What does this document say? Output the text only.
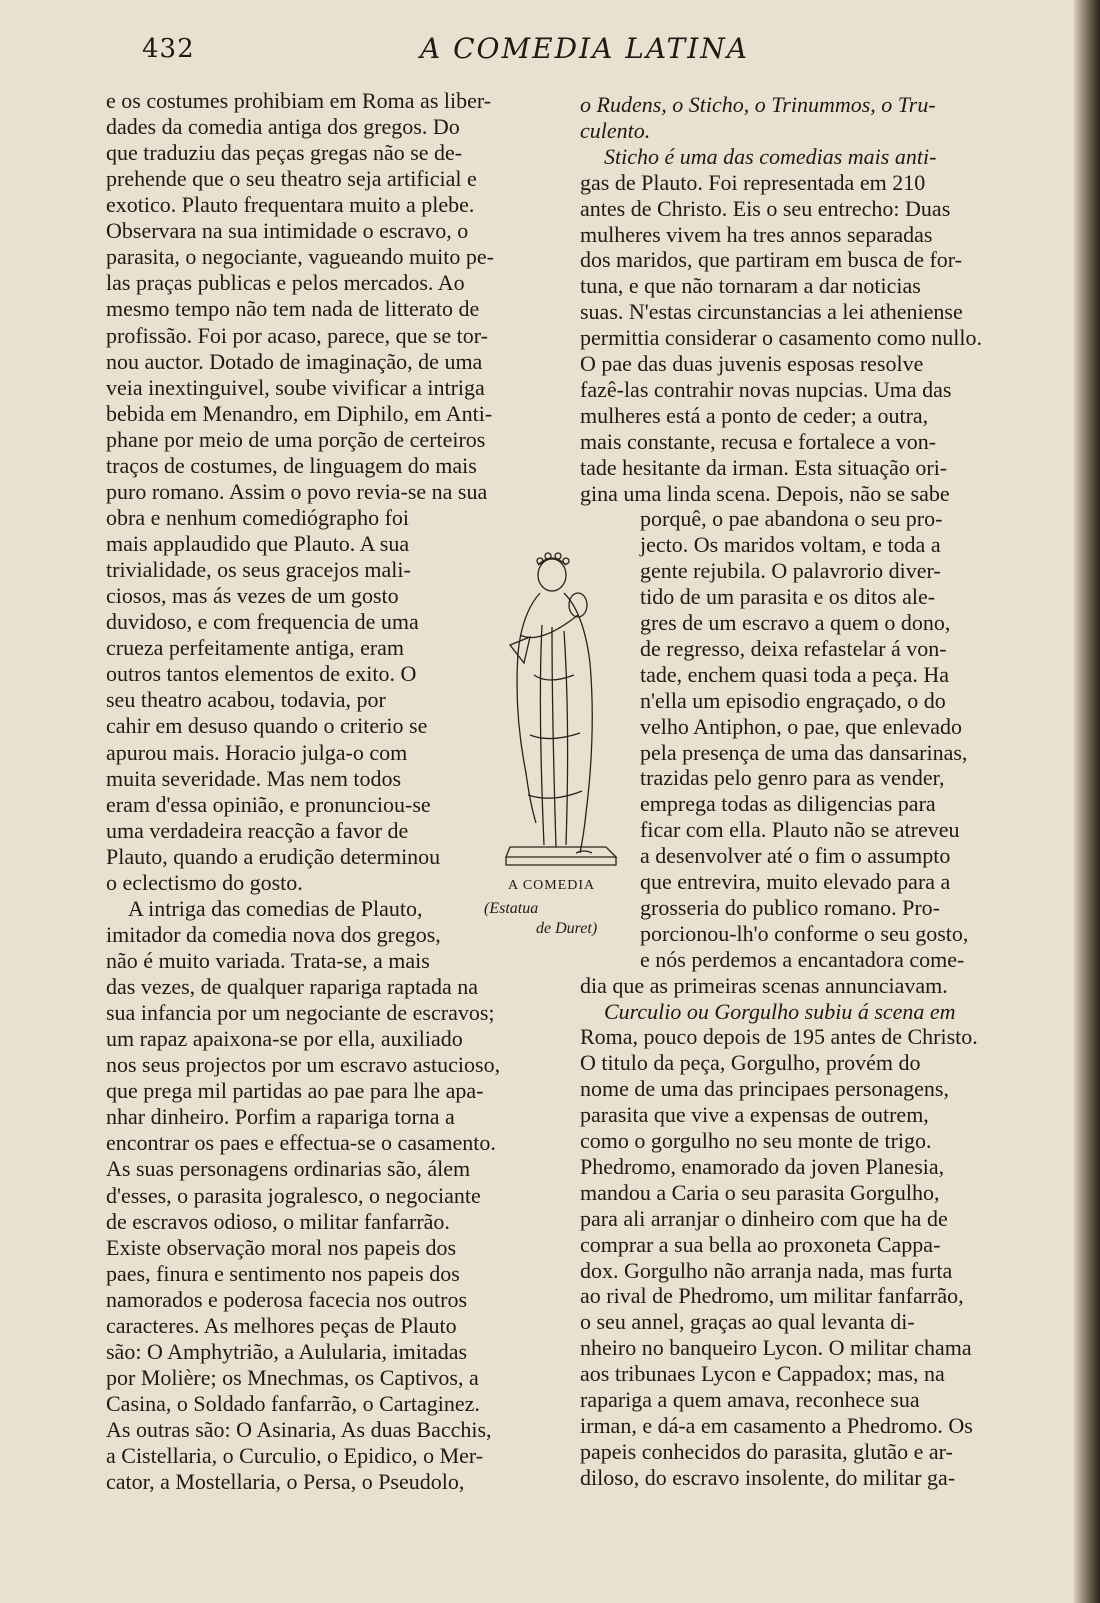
432	A COMEDIA LATINA
e os costumes prohibiam em Roma as liber-
dades da comedia antiga dos gregos. Do
que traduziu das peças gregas não se de-
prehende que o seu theatro seja artificial e
exotico. Plauto frequentara muito a plebe.
Observara na sua intimidade o escravo, o
parasita, o negociante, vagueando muito pe-
las praças publicas e pelos mercados. Ao
mesmo tempo não tem nada de litterato de
profissão. Foi por acaso, parece, que se tor-
nou auctor. Dotado de imaginação, de uma
veia inextinguivel, soube vivificar a intriga
bebida em Menandro, em Diphilo, em Anti-
phane por meio de uma porção de certeiros
traços de costumes, de linguagem do mais
puro romano. Assim o povo revia-se na sua
obra e nenhum comediógrapho foi
mais applaudido que Plauto. A sua
trivialidade, os seus gracejos mali-
ciosos, mas ás vezes de um gosto
duvidoso, e com frequencia de uma
crueza perfeitamente antiga, eram
outros tantos elementos de exito. O
seu theatro acabou, todavia, por
cahir em desuso quando o criterio se
apurou mais. Horacio julga-o com
muita severidade. Mas nem todos
eram d'essa opinião, e pronunciou-se
uma verdadeira reacção a favor de
Plauto, quando a erudição determinou
o eclectismo do gosto.
A intriga das comedias de Plauto,
imitador da comedia nova dos gregos,
não é muito variada. Trata-se, a mais
das vezes, de qualquer rapariga raptada na
sua infancia por um negociante de escravos;
um rapaz apaixona-se por ella, auxiliado
nos seus projectos por um escravo astucioso,
que prega mil partidas ao pae para lhe apa-
nhar dinheiro. Porfim a rapariga torna a
encontrar os paes e effectua-se o casamento.
As suas personagens ordinarias são, álem
d'esses, o parasita jogralesco, o negociante
de escravos odioso, o militar fanfarrão.
Existe observação moral nos papeis dos
paes, finura e sentimento nos papeis dos
namorados e poderosa facecia nos outros
caracteres. As melhores peças de Plauto
são: O Amphytrião, a Aulularia, imitadas
por Molière; os Mnechmas, os Captivos, a
Casina, o Soldado fanfarrão, o Cartaginez.
As outras são: O Asinaria, As duas Bacchis,
a Cistellaria, o Curculio, o Epidico, o Mer-
cator, a Mostellaria, o Persa, o Pseudolo,
o Rudens, o Sticho, o Trinummos, o Tru-
culento.
Sticho é uma das comedias mais anti-
gas de Plauto. Foi representada em 210
antes de Christo. Eis o seu entrecho: Duas
mulheres vivem ha tres annos separadas
dos maridos, que partiram em busca de for-
tuna, e que não tornaram a dar noticias
suas. N'estas circunstancias a lei atheniense
permittia considerar o casamento como nullo.
O pae das duas juvenis esposas resolve
fazê-las contrahir novas nupcias. Uma das
mulheres está a ponto de ceder; a outra,
mais constante, recusa e fortalece a von-
tade hesitante da irman. Esta situação ori-
gina uma linda scena. Depois, não se sabe
porquê, o pae abandona o seu pro-
jecto. Os maridos voltam, e toda a
gente rejubila. O palavrorio diver-
tido de um parasita e os ditos ale-
gres de um escravo a quem o dono,
de regresso, deixa refastelar á von-
tade, enchem quasi toda a peça. Ha
n'ella um episodio engraçado, o do
velho Antiphon, o pae, que enlevado
pela presença de uma das dansarinas,
trazidas pelo genro para as vender,
emprega todas as diligencias para
ficar com ella. Plauto não se atreveu
a desenvolver até o fim o assumpto
que entrevira, muito elevado para a
grosseria do publico romano. Pro-
porcionou-lh'o conforme o seu gosto,
e nós perdemos a encantadora come-
dia que as primeiras scenas annunciavam.
Curculio ou Gorgulho subiu á scena em
Roma, pouco depois de 195 antes de Christo.
O titulo da peça, Gorgulho, provém do
nome de uma das principaes personagens,
parasita que vive a expensas de outrem,
como o gorgulho no seu monte de trigo.
Phedromo, enamorado da joven Planesia,
mandou a Caria o seu parasita Gorgulho,
para ali arranjar o dinheiro com que ha de
comprar a sua bella ao proxoneta Cappa-
dox. Gorgulho não arranja nada, mas furta
ao rival de Phedromo, um militar fanfarrão,
o seu annel, graças ao qual levanta di-
nheiro no banqueiro Lycon. O militar chama
aos tribunaes Lycon e Cappadox; mas, na
rapariga a quem amava, reconhece sua
irman, e dá-a em casamento a Phedromo. Os
papeis conhecidos do parasita, glutão e ar-
diloso, do escravo insolente, do militar ga-
A COMEDIA
(Estatua
de Duret)
